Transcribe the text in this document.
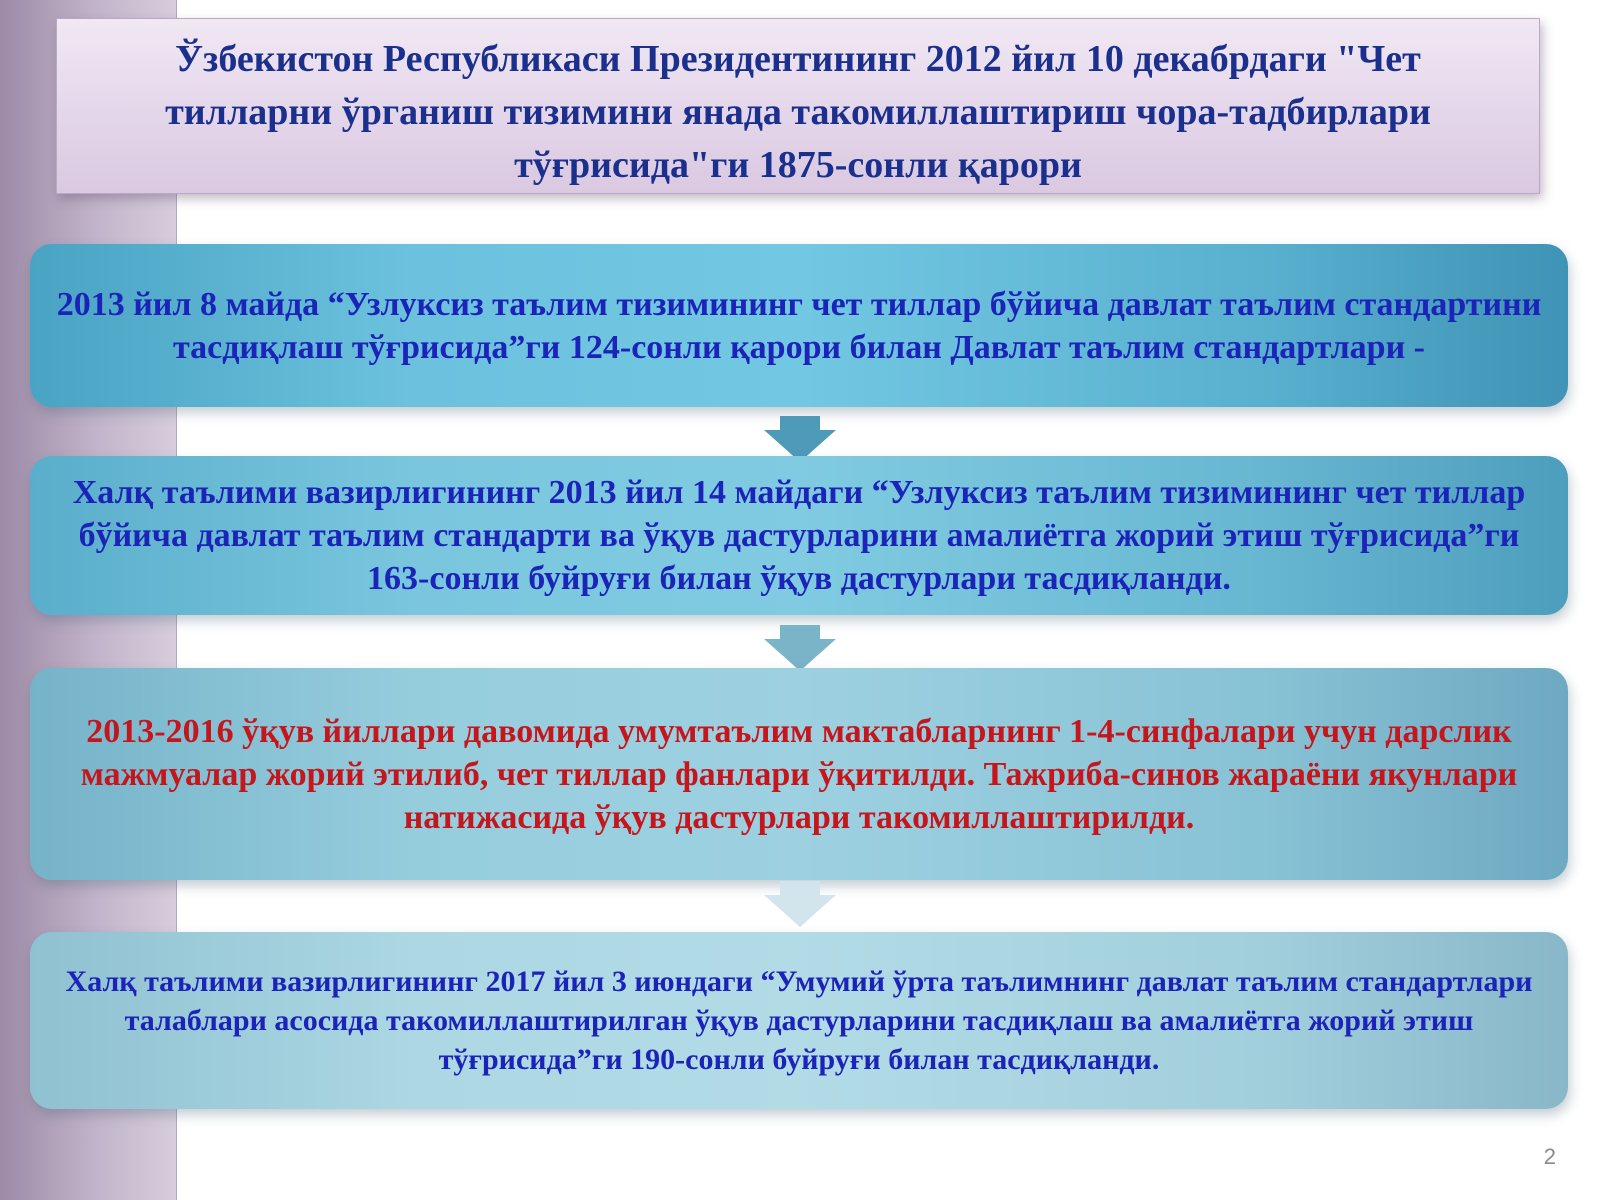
Ўзбекистон Республикаси Президентининг 2012 йил 10 декабрдаги "Чет тилларни ўрганиш тизимини янада такомиллаштириш чора-тадбирлари тўғрисида"ги 1875-сонли қарори
2013 йил 8 майда “Узлуксиз таълим тизимининг чет тиллар бўйича давлат таълим стандартини тасдиқлаш тўғрисида”ги 124-сонли қарори билан Давлат таълим стандартлари -
Халқ таълими вазирлигининг 2013 йил 14 майдаги “Узлуксиз таълим тизимининг чет тиллар бўйича давлат таълим стандарти ва ўқув дастурларини амалиётга жорий этиш тўғрисида”ги 163-сонли буйруғи билан ўқув дастурлари тасдиқланди.
2013-2016 ўқув йиллари давомида умумтаълим мактабларнинг 1-4-синфалари учун дарслик мажмуалар жорий этилиб, чет тиллар фанлари ўқитилди. Тажриба-синов жараёни якунлари натижасида ўқув дастурлари такомиллаштирилди.
Халқ таълими вазирлигининг 2017 йил 3 июндаги “Умумий ўрта таълимнинг давлат таълим стандартлари талаблари асосида такомиллаштирилган ўқув дастурларини тасдиқлаш ва амалиётга жорий этиш тўғрисида”ги 190-сонли буйруғи билан тасдиқланди.
2
